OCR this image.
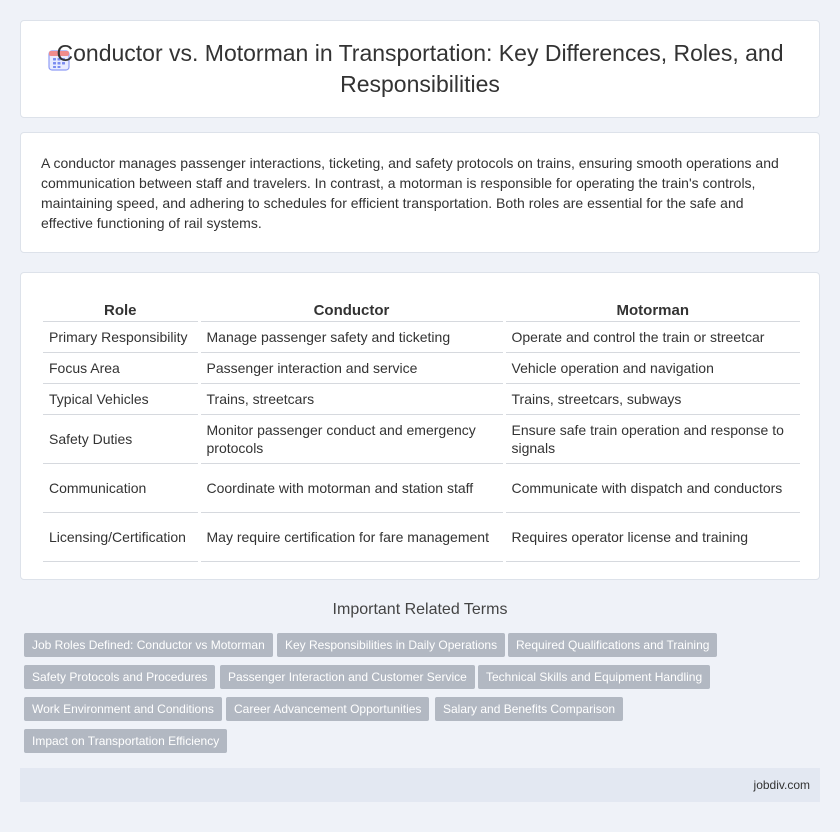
Conductor vs. Motorman in Transportation: Key Differences, Roles, and Responsibilities

A conductor manages passenger interactions, ticketing, and safety protocols on trains, ensuring smooth operations and communication between staff and travelers. In contrast, a motorman is responsible for operating the train's controls, maintaining speed, and adhering to schedules for efficient transportation. Both roles are essential for the safe and effective functioning of rail systems.

Role	Conductor	Motorman
Primary Responsibility	Manage passenger safety and ticketing	Operate and control the train or streetcar
Focus Area	Passenger interaction and service	Vehicle operation and navigation
Typical Vehicles	Trains, streetcars	Trains, streetcars, subways
Safety Duties	Monitor passenger conduct and emergency protocols	Ensure safe train operation and response to signals
Communication	Coordinate with motorman and station staff	Communicate with dispatch and conductors
Licensing/Certification	May require certification for fare management	Requires operator license and training
Important Related Terms
Job Roles Defined: Conductor vs Motorman	Key Responsibilities in Daily Operations	Required Qualifications and Training
Safety Protocols and Procedures	Passenger Interaction and Customer Service	Technical Skills and Equipment Handling
Work Environment and Conditions	Career Advancement Opportunities	Salary and Benefits Comparison
Impact on Transportation Efficiency
jobdiv.com
